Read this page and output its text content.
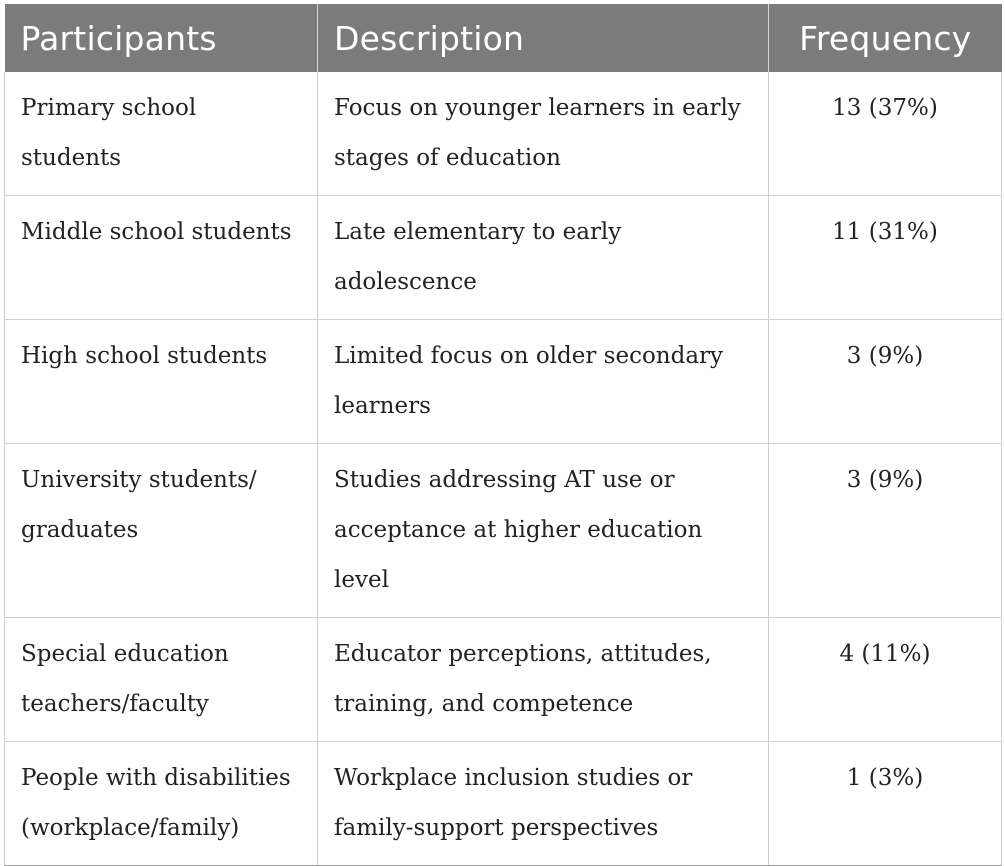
Participants	Description	Frequency
Primary school students	Focus on younger learners in early stages of education	13 (37%)
Middle school students	Late elementary to early adolescence	11 (31%)
High school students	Limited focus on older secondary learners	3 (9%)
University students/ graduates	Studies addressing AT use or acceptance at higher education level	3 (9%)
Special education teachers/faculty	Educator perceptions, attitudes, training, and competence	4 (11%)
People with disabilities (workplace/family)	Workplace inclusion studies or family-support perspectives	1 (3%)
